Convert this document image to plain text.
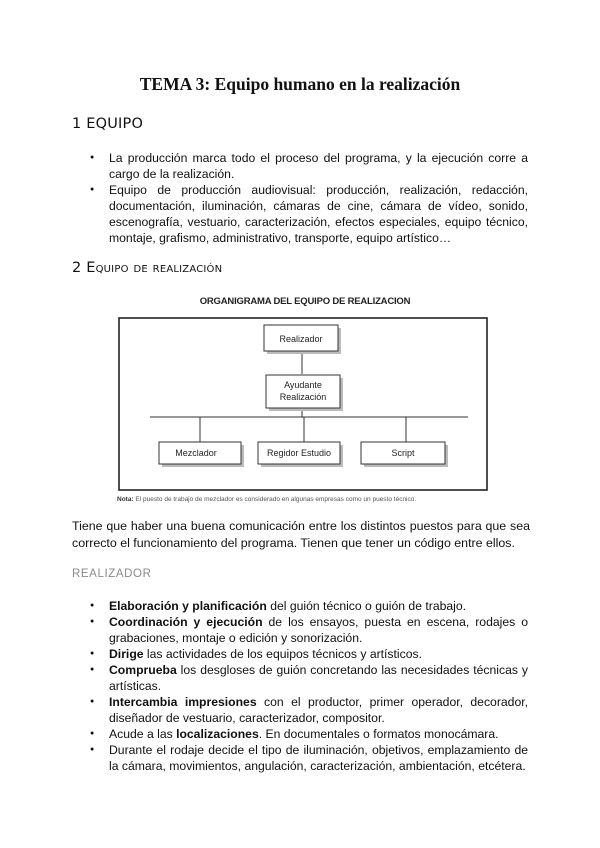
TEMA 3: Equipo humano en la realización
1 EQUIPO
● La producción marca todo el proceso del programa, y la ejecución corre a cargo de la realización.
● Equipo de producción audiovisual: producción, realización, redacción, documentación, iluminación, cámaras de cine, cámara de vídeo, sonido, escenografía, vestuario, caracterización, efectos especiales, equipo técnico, montaje, grafismo, administrativo, transporte, equipo artístico…
2 Equipo de realización

ORGANIGRAMA DEL EQUIPO DE REALIZACION

Realizador
Ayudante
Realización
Mezclador	Regidor Estudio	Script

Nota: El puesto de trabajo de mezclador es considerado en algunas empresas como un puesto técnico.

Tiene que haber una buena comunicación entre los distintos puestos para que sea correcto el funcionamiento del programa. Tienen que tener un código entre ellos.

REALIZADOR
● Elaboración y planificación del guión técnico o guión de trabajo.
● Coordinación y ejecución de los ensayos, puesta en escena, rodajes o grabaciones, montaje o edición y sonorización.
● Dirige las actividades de los equipos técnicos y artísticos.
● Comprueba los desgloses de guión concretando las necesidades técnicas y artísticas.
● Intercambia impresiones con el productor, primer operador, decorador, diseñador de vestuario, caracterizador, compositor.
● Acude a las localizaciones. En documentales o formatos monocámara.
● Durante el rodaje decide el tipo de iluminación, objetivos, emplazamiento de la cámara, movimientos, angulación, caracterización, ambientación, etcétera.
